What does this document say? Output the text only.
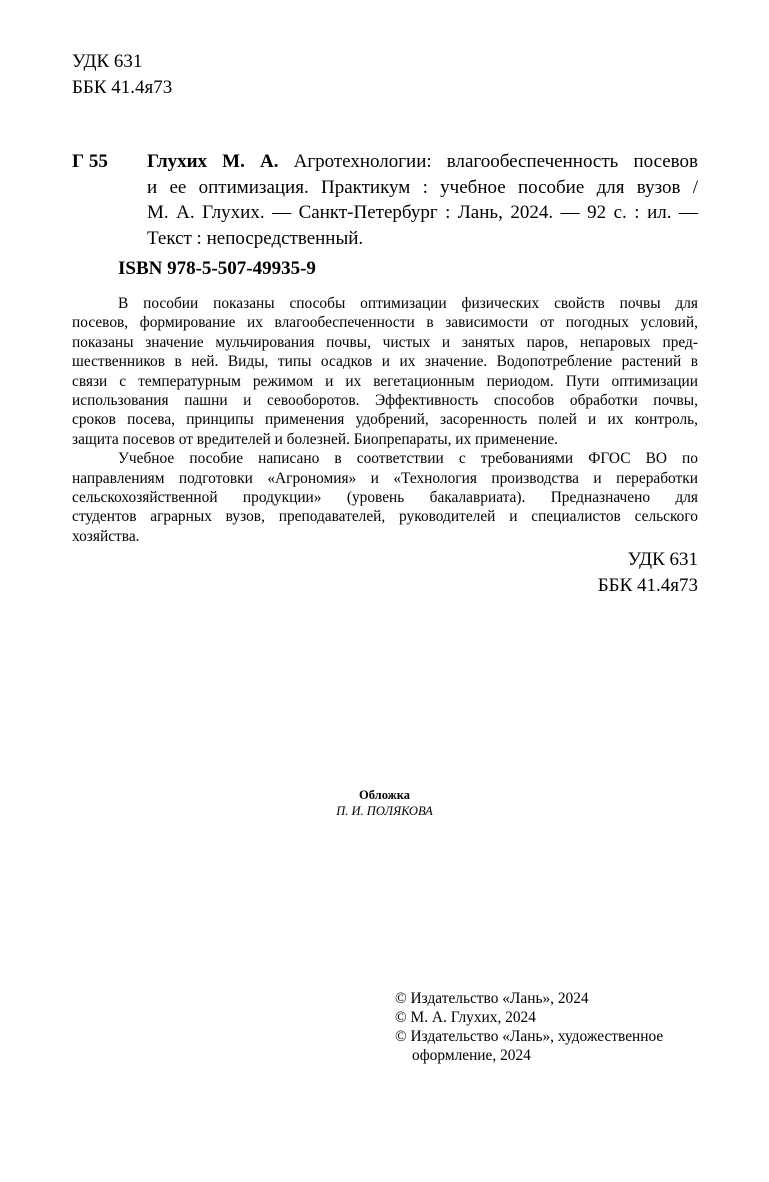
УДК 631
ББК 41.4я73
Г 55 Глухих М. А. Агротехнологии: влагообеспеченность посевов
и ее оптимизация. Практикум : учебное пособие для вузов /
М. А. Глухих. — Санкт-Петербург : Лань, 2024. — 92 с. : ил. —
Текст : непосредственный.
ISBN 978-5-507-49935-9
В пособии показаны способы оптимизации физических свойств почвы для
посевов, формирование их влагообеспеченности в зависимости от погодных условий,
показаны значение мульчирования почвы, чистых и занятых паров, непаровых пред-
шественников в ней. Виды, типы осадков и их значение. Водопотребление растений в
связи с температурным режимом и их вегетационным периодом. Пути оптимизации
использования пашни и севооборотов. Эффективность способов обработки почвы,
сроков посева, принципы применения удобрений, засоренность полей и их контроль,
защита посевов от вредителей и болезней. Биопрепараты, их применение.
Учебное пособие написано в соответствии с требованиями ФГОС ВО по
направлениям подготовки «Агрономия» и «Технология производства и переработки
сельскохозяйственной продукции» (уровень бакалавриата). Предназначено для
студентов аграрных вузов, преподавателей, руководителей и специалистов сельского
хозяйства.
УДК 631
ББК 41.4я73
Обложка
П. И. ПОЛЯКОВА
© Издательство «Лань», 2024
© М. А. Глухих, 2024
© Издательство «Лань», художественное
оформление, 2024
